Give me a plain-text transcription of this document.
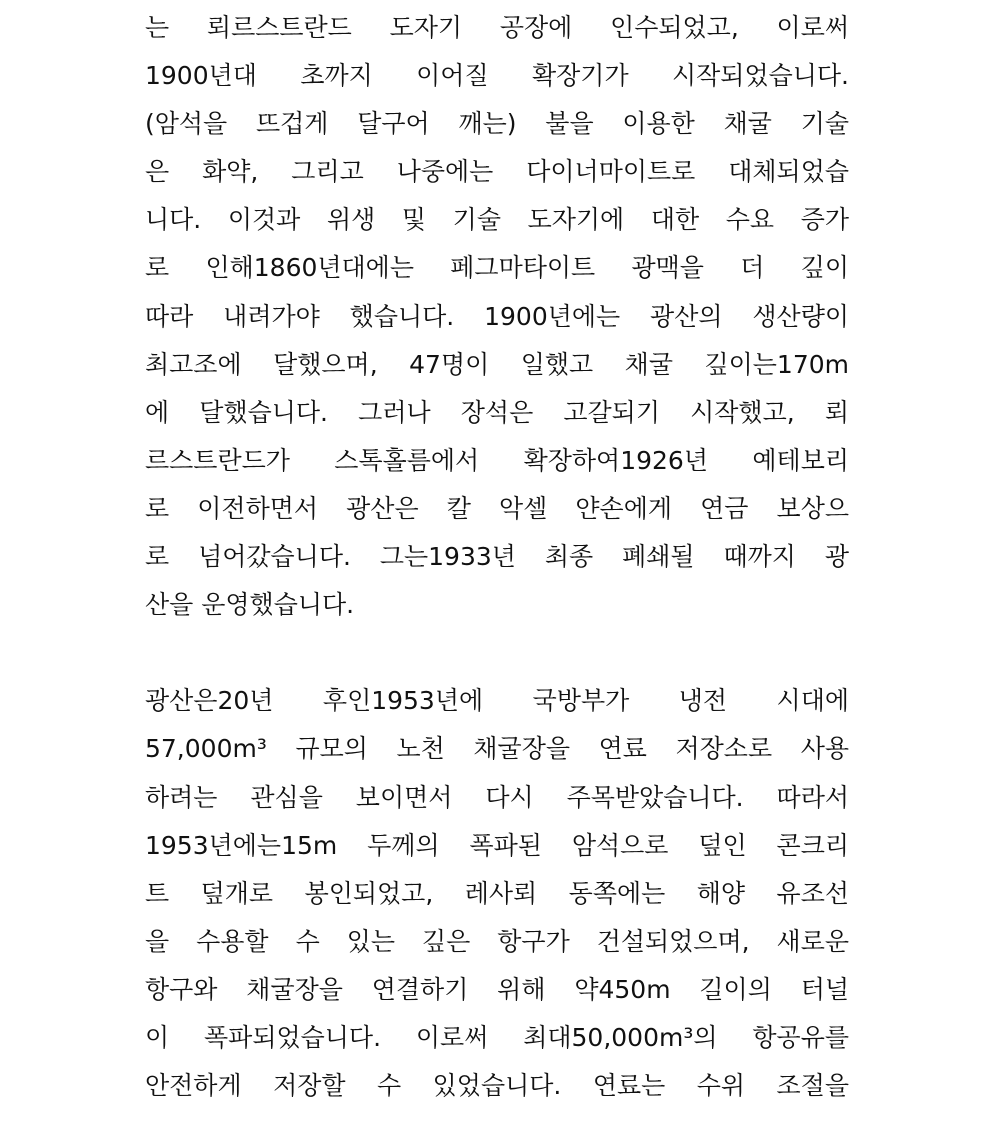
는 뢰르스트란드 도자기 공장에 인수되었고, 이로써
1900년대 초까지 이어질 확장기가 시작되었습니다.
(암석을 뜨겁게 달구어 깨는) 불을 이용한 채굴 기술
은 화약, 그리고 나중에는 다이너마이트로 대체되었습
니다. 이것과 위생 및 기술 도자기에 대한 수요 증가
로 인해1860년대에는 페그마타이트 광맥을 더 깊이
따라 내려가야 했습니다. 1900년에는 광산의 생산량이
최고조에 달했으며, 47명이 일했고 채굴 깊이는170m
에 달했습니다. 그러나 장석은 고갈되기 시작했고, 뢰
르스트란드가 스톡홀름에서 확장하여1926년 예테보리
로 이전하면서 광산은 칼 악셀 얀손에게 연금 보상으
로 넘어갔습니다. 그는1933년 최종 폐쇄될 때까지 광
산을 운영했습니다.
광산은20년 후인1953년에 국방부가 냉전 시대에
57,000m³ 규모의 노천 채굴장을 연료 저장소로 사용
하려는 관심을 보이면서 다시 주목받았습니다. 따라서
1953년에는15m 두께의 폭파된 암석으로 덮인 콘크리
트 덮개로 봉인되었고, 레사뢰 동쪽에는 해양 유조선
을 수용할 수 있는 깊은 항구가 건설되었으며, 새로운
항구와 채굴장을 연결하기 위해 약450m 길이의 터널
이 폭파되었습니다. 이로써 최대50,000m³의 항공유를
안전하게 저장할 수 있었습니다. 연료는 수위 조절을
